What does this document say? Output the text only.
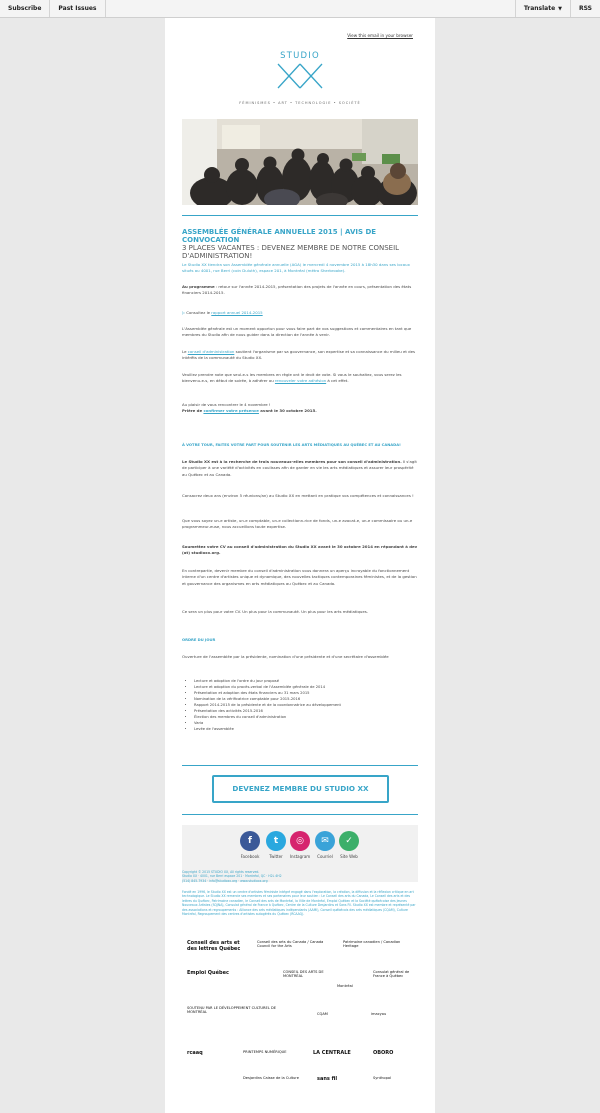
Subscribe	Past Issues	Translate ▼	RSS
View this email in your browser
STUDIO
FÉMINISMES • ART • TECHNOLOGIE • SOCIÉTÉ
ASSEMBLÉE GÉNÉRALE ANNUELLE 2015 | AVIS DE CONVOCATION
3 PLACES VACANTES : DEVENEZ MEMBRE DE NOTRE CONSEIL D'ADMINISTRATION!

Le Studio XX tiendra son Assemblée générale annuelle (AGA) le mercredi 4 novembre 2015 à 18h30 dans ses locaux situés au 4001, rue Berri (coin Duluth), espace 201, à Montréal (métro Sherbrooke).

Au programme : retour sur l'année 2014-2015, présentation des projets de l'année en cours, présentation des états financiers 2014-2015.

▷ Consultez le rapport annuel 2014-2015

L'Assemblée générale est un moment opportun pour vous faire part de vos suggestions et commentaires en tant que membres du Studio afin de nous guider dans la direction de l'année à venir.

Le conseil d'administration soutient l'organisme par sa gouvernance, son expertise et sa connaissance du milieu et des intérêts de la communauté du Studio XX.

Veuillez prendre note que seul-e-s les membres en règle ont le droit de vote. Si vous le souhaitez, vous serez les bienvenu-e-s, en début de soirée, à adhérer ou renouveler votre adhésion à cet effet.

Au plaisir de vous rencontrer le 4 novembre !

Prière de confirmer votre présence avant le 30 octobre 2015.

À VOTRE TOUR, FAITES VOTRE PART POUR SOUTENIR LES ARTS MÉDIATIQUES AU QUÉBEC ET AU CANADA!

Le Studio XX est à la recherche de trois nouveaux-elles membres pour son conseil d'administration. Il s'agit de participer à une variété d'activités en coulisses afin de garder en vie les arts médiatiques et assurer leur prospérité au Québec et au Canada.

Consacrez deux ans (environ 5 réunions/an) au Studio XX en mettant en pratique vos compétences et connaissances !

Que vous soyez un-e artiste, un-e comptable, un-e collectionn-rice de fonds, un-e avocat-e, un-e commissaire ou un-e programmeur-euse, nous accueillons toute expertise.

Soumettez votre CV au conseil d'administration du Studio XX avant le 30 octobre 2014 en répondant à dev (at) studioxx.org.

En contrepartie, devenir membre du conseil d'administration vous donnera un aperçu incroyable du fonctionnement interne d'un centre d'artistes unique et dynamique, des nouvelles tactiques contemporaines féministes, et de la gestion et gouvernance des organismes en arts médiatiques au Québec et au Canada.

Ce sera un plus pour votre CV. Un plus pour la communauté. Un plus pour les arts médiatiques.

ORDRE DU JOUR

Ouverture de l'assemblée par la présidente, nomination d'une présidente et d'une secrétaire d'assemblée

• Lecture et adoption de l'ordre du jour proposé
• Lecture et adoption du procès-verbal de l'Assemblée générale de 2014
• Présentation et adoption des états financiers au 31 mars 2015
• Nomination de la vérificatrice comptable pour 2015-2016
• Rapport 2014-2015 de la présidente et de la coordonnatrice au développement
• Présentation des activités 2015-2016
• Élection des membres du conseil d'administration
• Varia
• Levée de l'assemblée
DEVENEZ MEMBRE DU STUDIO XX
f
Facebook
t
Twitter
◎
Instagram
✉
Courriel
✓
Site Web
Copyright © 2015 STUDIO XX, All rights reserved.
Studio XX · 4001, rue Berri espace 201 · Montréal, QC · H2L 4H2
(514) 845-7934 · info@studioxx.org · www.studioxx.org
Fondé en 1996, le Studio XX est un centre d'artistes féministe intégré engagé dans l'exploration, la création, la diffusion et la réflexion critique en art technologique. Le Studio XX remercie ses membres et ses partenaires pour leur soutien : Le Conseil des arts du Canada, Le Conseil des arts et des lettres du Québec, Patrimoine canadien, le Conseil des arts de Montréal, la Ville de Montréal, Emploi Québec et la Société québécoise des Jeunes Nouveaux Artistes (SQJNA), Consulat général de France à Québec, Centre de la Culture Desjardins et Sans Fil. Studio XX est membre et représenté par des associations et regroupements : Alliance des arts médiatiques indépendants (AAMI), Conseil québécois des arts médiatiques (CQAM), Culture Montréal, Regroupement des centres d'artistes autogérés du Québec (RCAAQ).
Conseil des arts et des lettres Québec
Conseil des arts du Canada / Canada Council for the Arts
Patrimoine canadien / Canadian Heritage
Emploi Québec	CONSEIL DES ARTS DE MONTRÉAL
Montréal
Consulat général de France à Québec
SOUTENU PAR LE DÉVELOPPEMENT CULTUREL DE MONTRÉAL	CQAM	imacyou
rcaaq	PRINTEMPS NUMÉRIQUE	LA CENTRALE	OBORO
Desjardins Caisse de la Culture	sans fil	Synthopol
